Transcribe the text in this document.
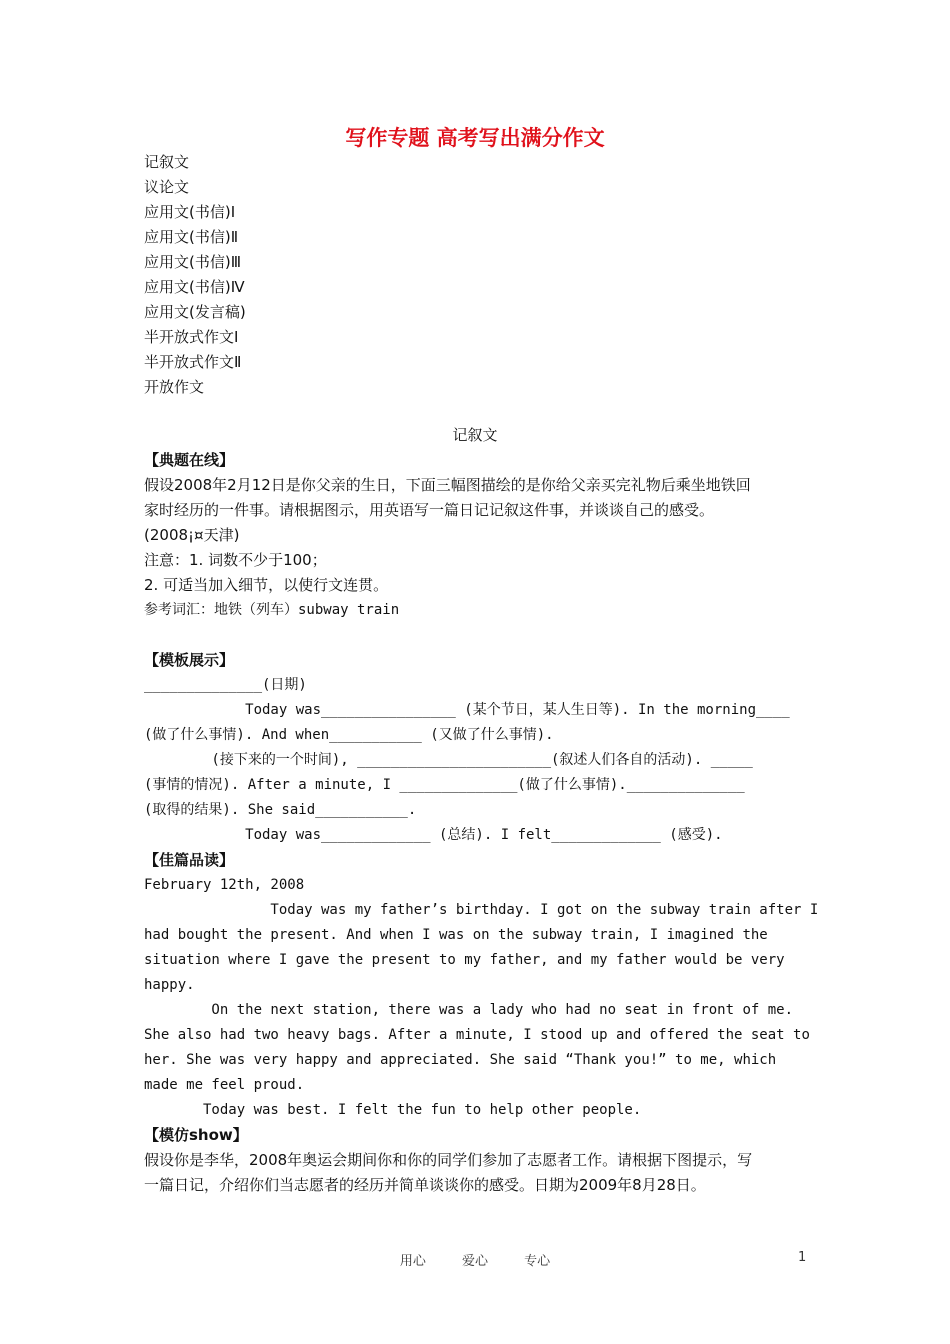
写作专题 高考写出满分作文
记叙文
议论文
应用文(书信)Ⅰ
应用文(书信)Ⅱ
应用文(书信)Ⅲ
应用文(书信)Ⅳ
应用文(发言稿)
半开放式作文Ⅰ
半开放式作文Ⅱ
开放作文
记叙文
【典题在线】
假设2008年2月12日是你父亲的生日，下面三幅图描绘的是你给父亲买完礼物后乘坐地铁回
家时经历的一件事。请根据图示，用英语写一篇日记记叙这件事，并谈谈自己的感受。
(2008¡¤天津)
注意：1. 词数不少于100；
2. 可适当加入细节，以使行文连贯。
参考词汇：地铁（列车）subway train
【模板展示】
______________(日期)
Today was________________ (某个节日，某人生日等). In the morning____
(做了什么事情). And when___________ (又做了什么事情).
(接下来的一个时间), _______________________(叙述人们各自的活动). _____
(事情的情况). After a minute, I ______________(做了什么事情).______________
(取得的结果). She said___________.
Today was_____________ (总结). I felt_____________ (感受).
【佳篇品读】
February 12th, 2008
Today was my father’s birthday. I got on the subway train after I
had bought the present. And when I was on the subway train, I imagined the
situation where I gave the present to my father, and my father would be very
happy.
On the next station, there was a lady who had no seat in front of me.
She also had two heavy bags. After a minute, I stood up and offered the seat to
her. She was very happy and appreciated. She said “Thank you!” to me, which
made me feel proud.
Today was best. I felt the fun to help other people.
【模仿show】
假设你是李华，2008年奥运会期间你和你的同学们参加了志愿者工作。请根据下图提示，写
一篇日记，介绍你们当志愿者的经历并简单谈谈你的感受。日期为2009年8月28日。
用心	爱心	专心	1
